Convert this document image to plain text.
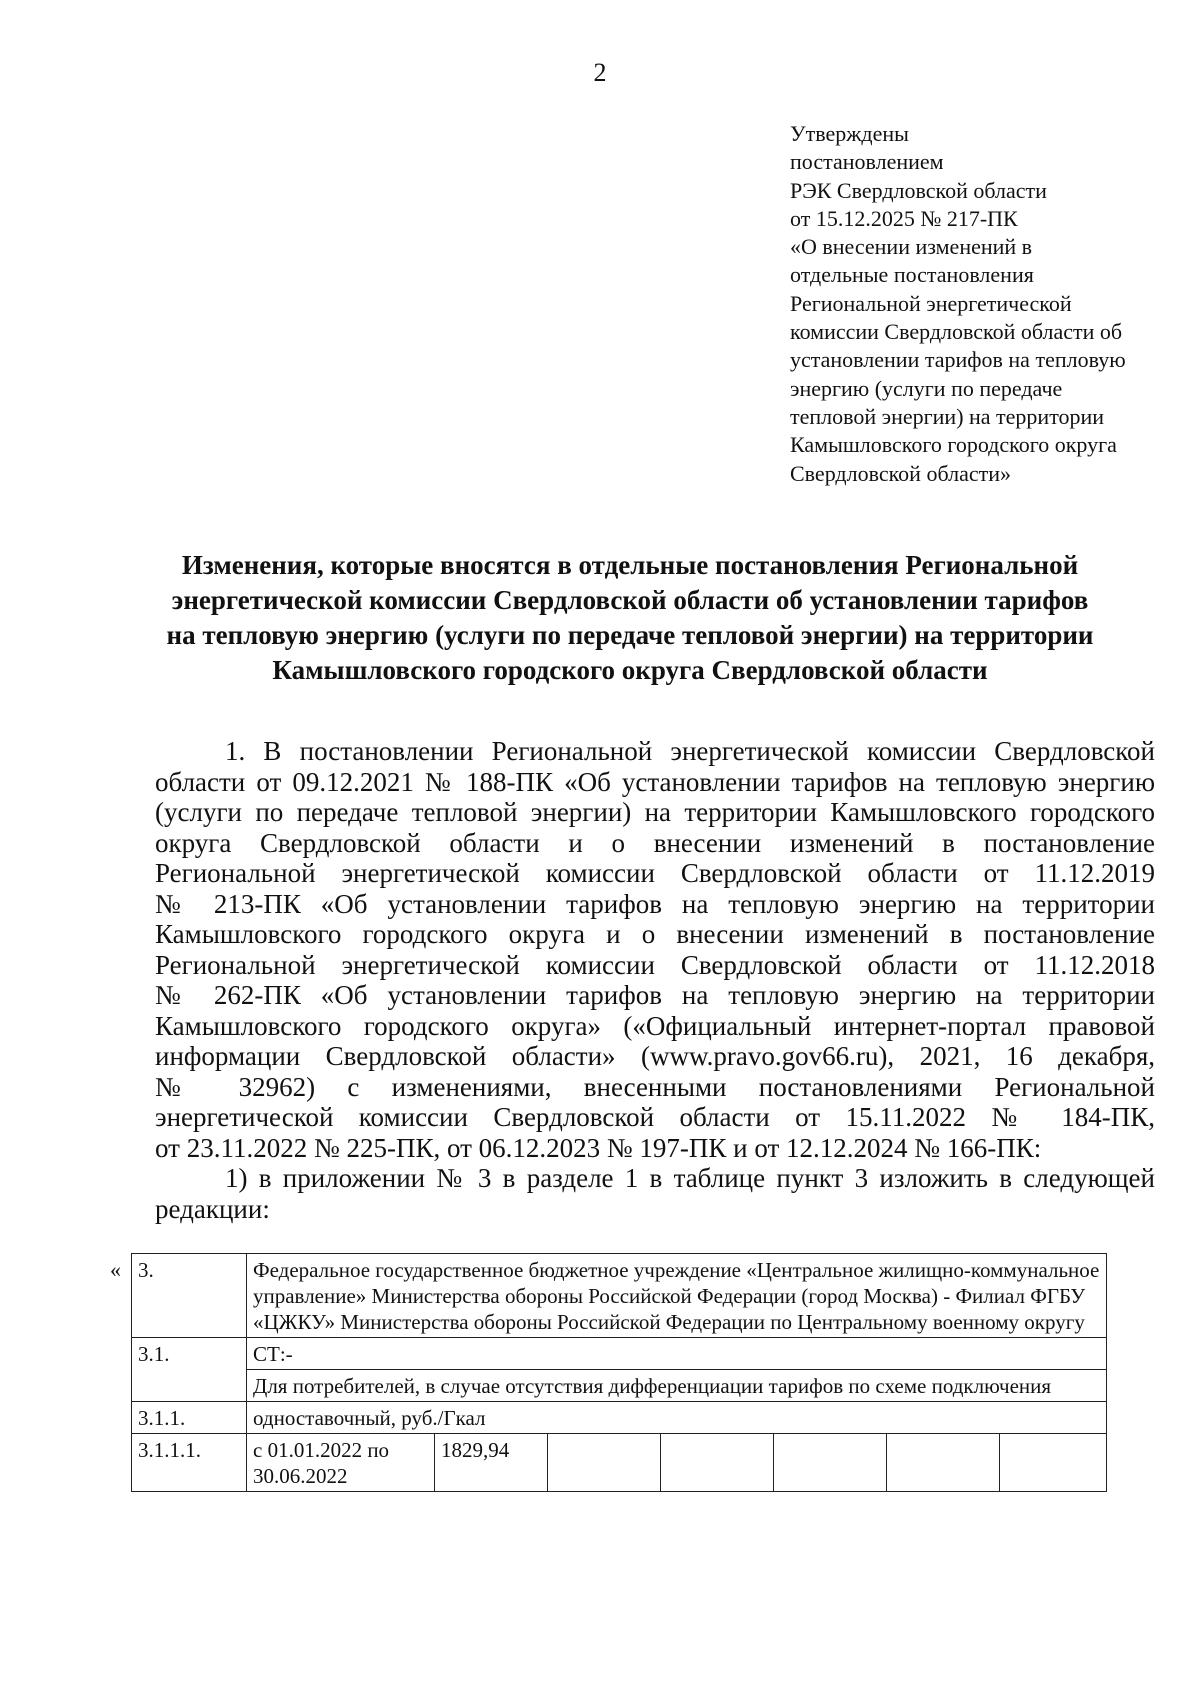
2
Утверждены
постановлением
РЭК Свердловской области
от 15.12.2025 № 217-ПК
«О внесении изменений в
отдельные постановления
Региональной энергетической
комиссии Свердловской области об
установлении тарифов на тепловую
энергию (услуги по передаче
тепловой энергии) на территории
Камышловского городского округа
Свердловской области»
Изменения, которые вносятся в отдельные постановления Региональной
энергетической комиссии Свердловской области об установлении тарифов
на тепловую энергию (услуги по передаче тепловой энергии) на территории
Камышловского городского округа Свердловской области
1. В постановлении Региональной энергетической комиссии Свердловской
области от 09.12.2021 № 188-ПК «Об установлении тарифов на тепловую энергию
(услуги по передаче тепловой энергии) на территории Камышловского городского
округа Свердловской области и о внесении изменений в постановление
Региональной энергетической комиссии Свердловской области от 11.12.2019
№ 213-ПК «Об установлении тарифов на тепловую энергию на территории
Камышловского городского округа и о внесении изменений в постановление
Региональной энергетической комиссии Свердловской области от 11.12.2018
№ 262-ПК «Об установлении тарифов на тепловую энергию на территории
Камышловского городского округа» («Официальный интернет-портал правовой
информации Свердловской области» (www.pravo.gov66.ru), 2021, 16 декабря,
№ 32962) с изменениями, внесенными постановлениями Региональной
энергетической комиссии Свердловской области от 15.11.2022 № 184-ПК,
от 23.11.2022 № 225-ПК, от 06.12.2023 № 197-ПК и от 12.12.2024 № 166-ПК:
1) в приложении № 3 в разделе 1 в таблице пункт 3 изложить в следующей
редакции:
« 3.	Федеральное государственное бюджетное учреждение «Центральное жилищно-коммунальное управление» Министерства обороны Российской Федерации (город Москва) - Филиал ФГБУ «ЦЖКУ» Министерства обороны Российской Федерации по Центральному военному округу						
3.1.	СТ:-						
	Для потребителей, в случае отсутствия дифференциации тарифов по схеме подключения						
3.1.1.	одноставочный, руб./Гкал						
3.1.1.1.	с 01.01.2022 по 30.06.2022	1829,94					
